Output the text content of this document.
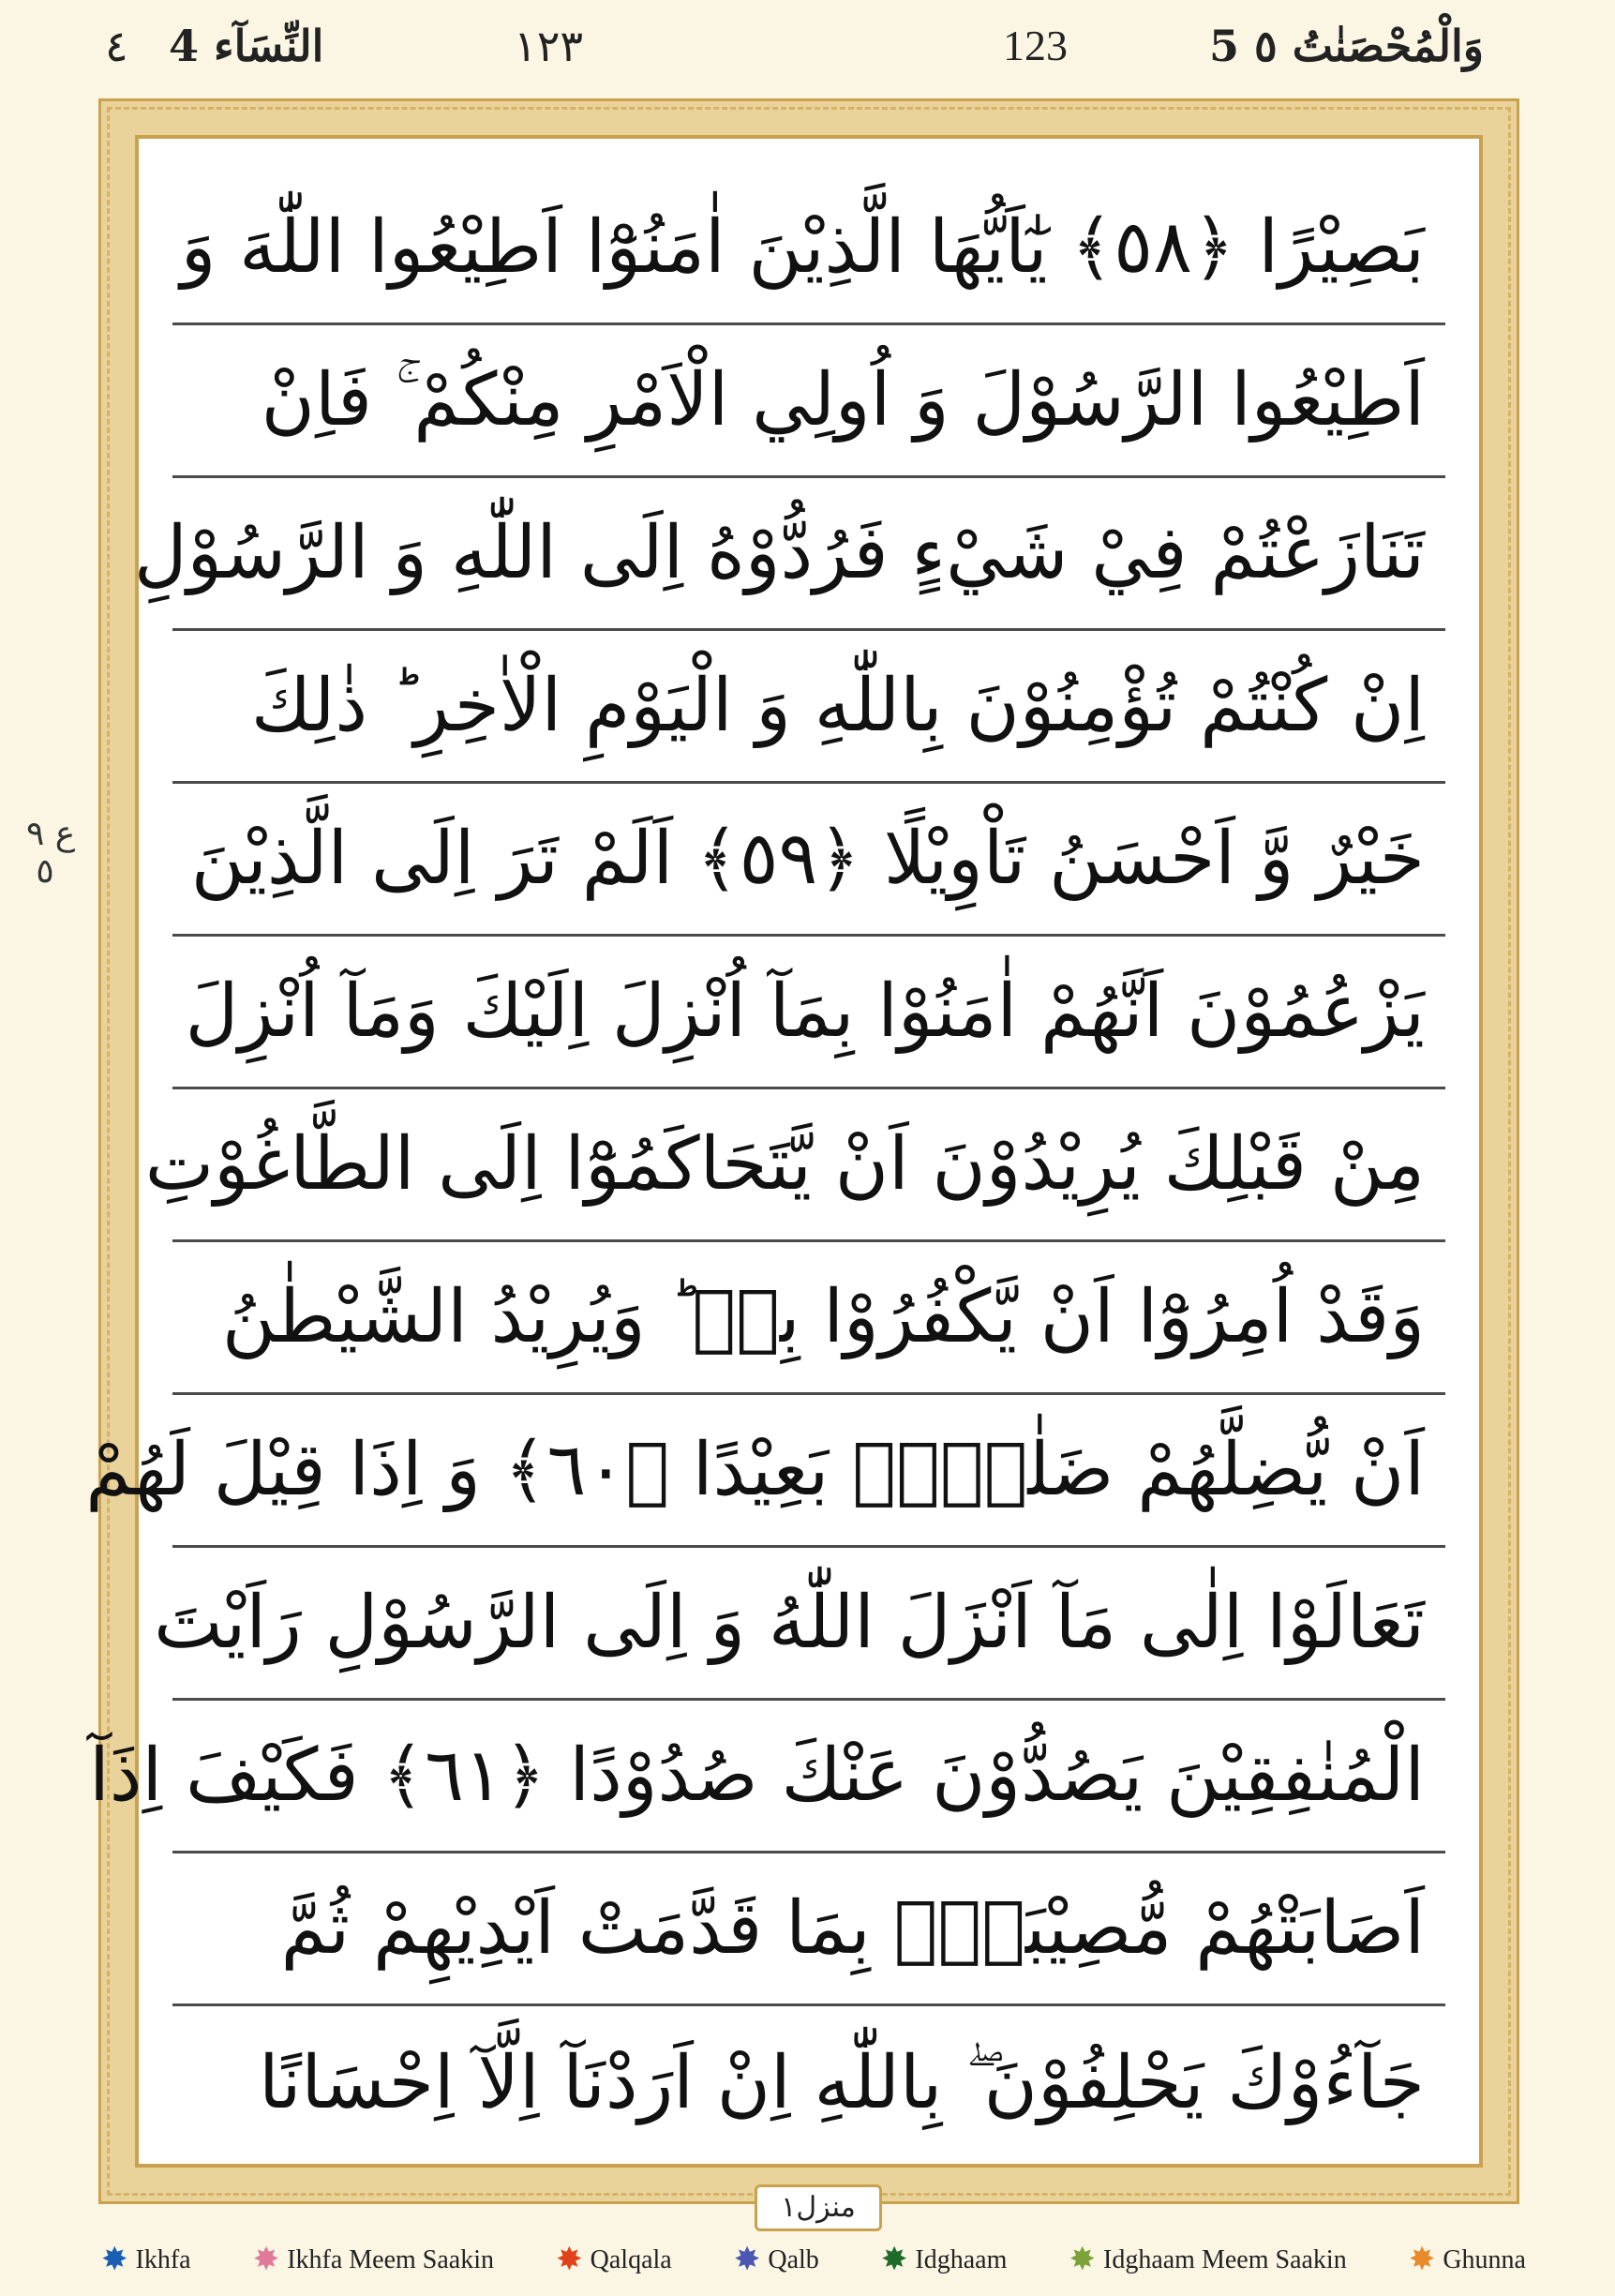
٤ 4 النِّسَآء	١٢٣	123	5 وَالْمُحْصَنٰتُ ٥
ع ٩
٥
بَصِيْرًا ﴿٥٨﴾ يٰٓاَيُّهَا الَّذِيْنَ اٰمَنُوْٓا اَطِيْعُوا اللّٰهَ وَ
اَطِيْعُوا الرَّسُوْلَ وَ اُولِي الْاَمْرِ مِنْكُمْ ۚ فَاِنْ
تَنَازَعْتُمْ فِيْ شَيْءٍ فَرُدُّوْهُ اِلَى اللّٰهِ وَ الرَّسُوْلِ
اِنْ كُنْتُمْ تُؤْمِنُوْنَ بِاللّٰهِ وَ الْيَوْمِ الْاٰخِرِ ؕ ذٰلِكَ
خَيْرٌ وَّ اَحْسَنُ تَاْوِيْلًا ﴿٥٩﴾ اَلَمْ تَرَ اِلَى الَّذِيْنَ
يَزْعُمُوْنَ اَنَّهُمْ اٰمَنُوْا بِمَآ اُنْزِلَ اِلَيْكَ وَمَآ اُنْزِلَ
مِنْ قَبْلِكَ يُرِيْدُوْنَ اَنْ يَّتَحَاكَمُوْٓا اِلَى الطَّاغُوْتِ
وَقَدْ اُمِرُوْٓا اَنْ يَّكْفُرُوْا بِهٖ ؕ وَيُرِيْدُ الشَّيْطٰنُ
اَنْ يُّضِلَّهُمْ ضَلٰلًاۢ بَعِيْدًا ﴿٦٠﴾ وَ اِذَا قِيْلَ لَهُمْ
تَعَالَوْا اِلٰى مَآ اَنْزَلَ اللّٰهُ وَ اِلَى الرَّسُوْلِ رَاَيْتَ
الْمُنٰفِقِيْنَ يَصُدُّوْنَ عَنْكَ صُدُوْدًا ﴿٦١﴾ فَكَيْفَ اِذَآ
اَصَابَتْهُمْ مُّصِيْبَةٌۢ بِمَا قَدَّمَتْ اَيْدِيْهِمْ ثُمَّ
جَآءُوْكَ يَحْلِفُوْنَ ۖ بِاللّٰهِ اِنْ اَرَدْنَآ اِلَّآ اِحْسَانًا
منزل١
✸ Ikhfa ✸ Ikhfa Meem Saakin ✸ Qalqala ✸ Qalb ✸ Idghaam ✸ Idghaam Meem Saakin ✸ Ghunna
